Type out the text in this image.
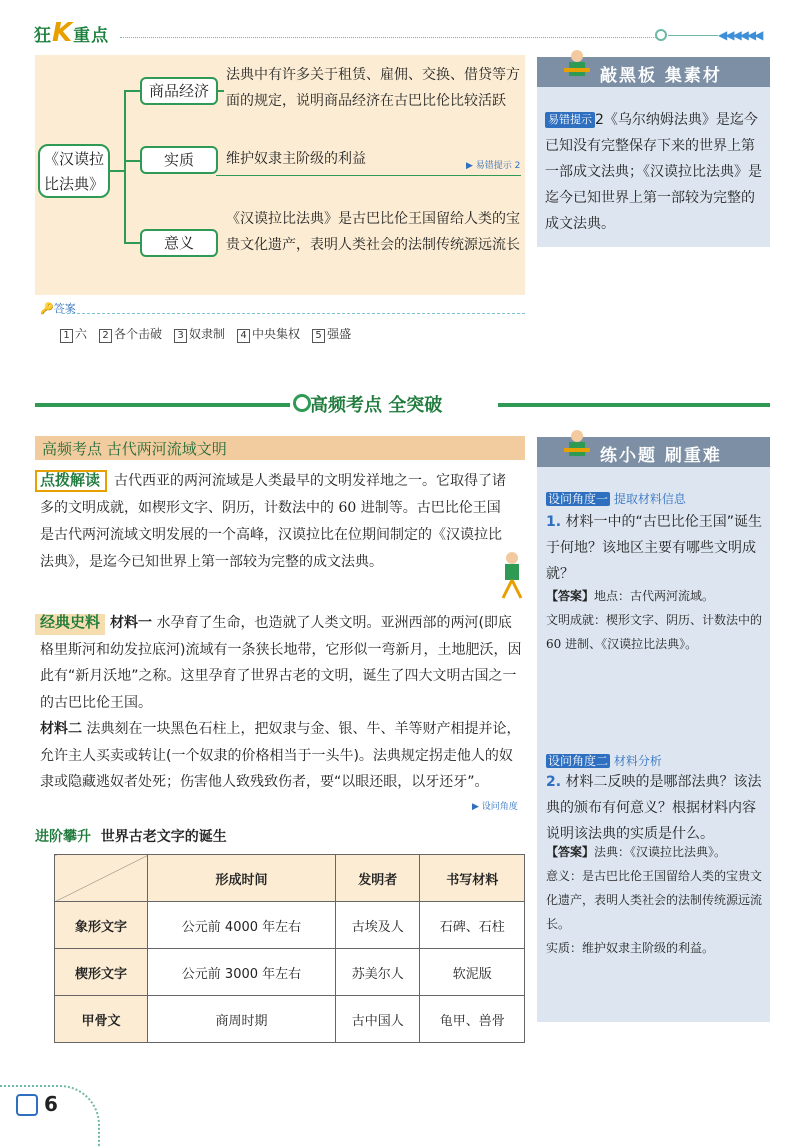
狂K重点	◀◀◀◀◀◀
《汉谟拉
比法典》
商品经济
法典中有许多关于租赁、雇佣、交换、借贷等方面的规定，说明商品经济在古巴比伦比较活跃
实质	维护奴隶主阶级的利益	▶ 易错提示 2
意义
《汉谟拉比法典》是古巴比伦王国留给人类的宝贵文化遗产，表明人类社会的法制传统源远流长
🔑答案
1 六	2 各个击破	3 奴隶制	4 中央集权	5 强盛
敲黑板 集素材
易错提示 2《乌尔纳姆法典》是迄今已知没有完整保存下来的世界上第一部成文法典；《汉谟拉比法典》是迄今已知世界上第一部较为完整的成文法典。
高频考点 全突破
高频考点 古代两河流域文明
点拨解读 古代西亚的两河流域是人类最早的文明发祥地之一。它取得了诸多的文明成就，如楔形文字、阴历，计数法中的 60 进制等。古巴比伦王国是古代两河流域文明发展的一个高峰，汉谟拉比在位期间制定的《汉谟拉比法典》，是迄今已知世界上第一部较为完整的成文法典。
经典史料 材料一 水孕育了生命，也造就了人类文明。亚洲西部的两河(即底格里斯河和幼发拉底河)流域有一条狭长地带，它形似一弯新月，土地肥沃，因此有“新月沃地”之称。这里孕育了世界古老的文明，诞生了四大文明古国之一的古巴比伦王国。
材料二 法典刻在一块黑色石柱上，把奴隶与金、银、牛、羊等财产相提并论，允许主人买卖或转让(一个奴隶的价格相当于一头牛)。法典规定拐走他人的奴隶或隐藏逃奴者处死；伤害他人致残致伤者，要“以眼还眼，以牙还牙”。
▶ 设问角度
进阶攀升 世界古老文字的诞生
	形成时间	发明者	书写材料
象形文字	公元前 4000 年左右	古埃及人	石碑、石柱
楔形文字	公元前 3000 年左右	苏美尔人	软泥版
甲骨文	商周时期	古中国人	龟甲、兽骨
练小题 刷重难
设问角度一 提取材料信息
1. 材料一中的“古巴比伦王国”诞生于何地？该地区主要有哪些文明成就？
【答案】地点：古代两河流域。
文明成就：楔形文字、阴历、计数法中的 60 进制、《汉谟拉比法典》。
设问角度二 材料分析
2. 材料二反映的是哪部法典？该法典的颁布有何意义？根据材料内容说明该法典的实质是什么。
【答案】法典：《汉谟拉比法典》。
意义：是古巴比伦王国留给人类的宝贵文化遗产，表明人类社会的法制传统源远流长。
实质：维护奴隶主阶级的利益。
6
